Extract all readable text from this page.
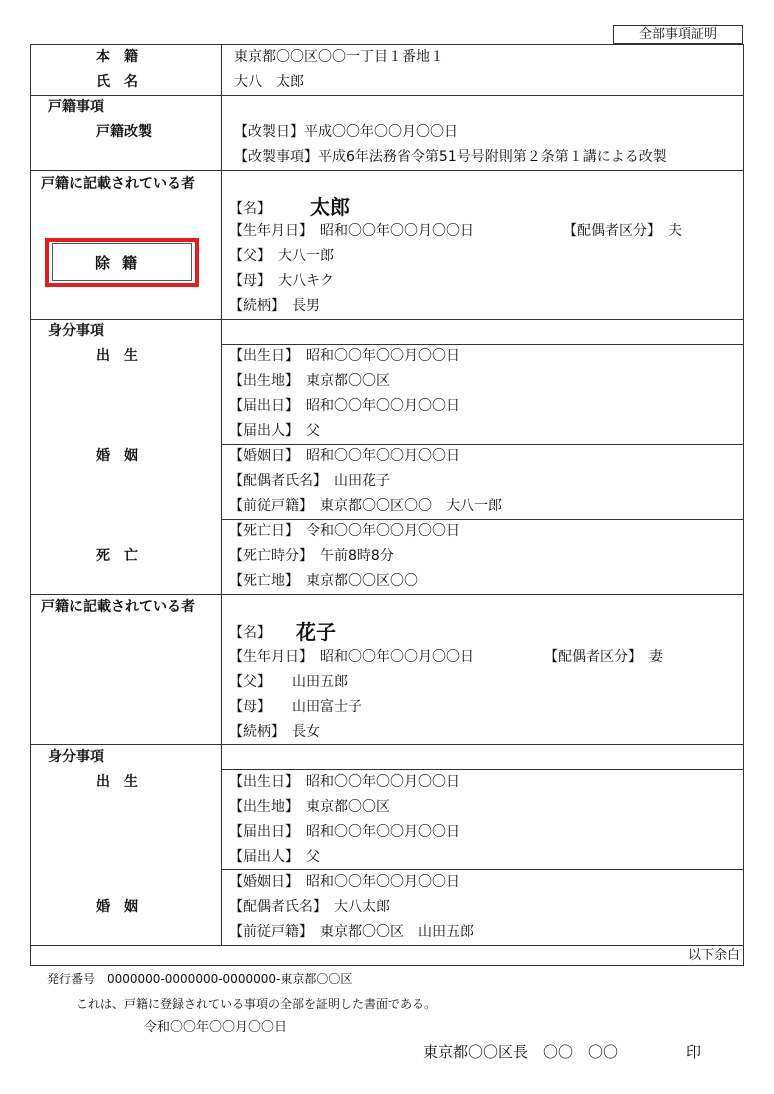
全部事項証明
本　籍	東京都〇〇区〇〇一丁目１番地１
氏　名	大八　太郎
戸籍事項
戸籍改製	【改製日】平成〇〇年〇〇月〇〇日
【改製事項】平成6年法務省令第51号号附則第２条第１講による改製
戸籍に記載されている者
除籍
【名】 太郎
【生年月日】　昭和〇〇年〇〇月〇〇日	【配偶者区分】　夫
【父】　大八一郎
【母】　大八キク
【続柄】　長男
身分事項
出　生	【出生日】　昭和〇〇年〇〇月〇〇日
【出生地】　東京都〇〇区
【届出日】　昭和〇〇年〇〇月〇〇日
【届出人】　父
婚　姻	【婚姻日】　昭和〇〇年〇〇月〇〇日
【配偶者氏名】　山田花子
【前従戸籍】　東京都〇〇区〇〇　大八一郎
死　亡
【死亡日】　令和〇〇年〇〇月〇〇日
【死亡時分】　午前8時8分
【死亡地】　東京都〇〇区〇〇
戸籍に記載されている者
【名】 花子
【生年月日】　昭和〇〇年〇〇月〇〇日	【配偶者区分】　妻
【父】　　山田五郎
【母】　　山田富士子
【続柄】　長女
身分事項
出　生	【出生日】　昭和〇〇年〇〇月〇〇日
【出生地】　東京都〇〇区
【届出日】　昭和〇〇年〇〇月〇〇日
【届出人】　父
婚　姻
【婚姻日】　昭和〇〇年〇〇月〇〇日
【配偶者氏名】　大八太郎
【前従戸籍】　東京都〇〇区　山田五郎
以下余白
発行番号　0000000-0000000-0000000-東京都〇〇区
これは、戸籍に登録されている事項の全部を証明した書面である。
令和〇〇年〇〇月〇〇日
東京都〇〇区長　〇〇　〇〇	印
